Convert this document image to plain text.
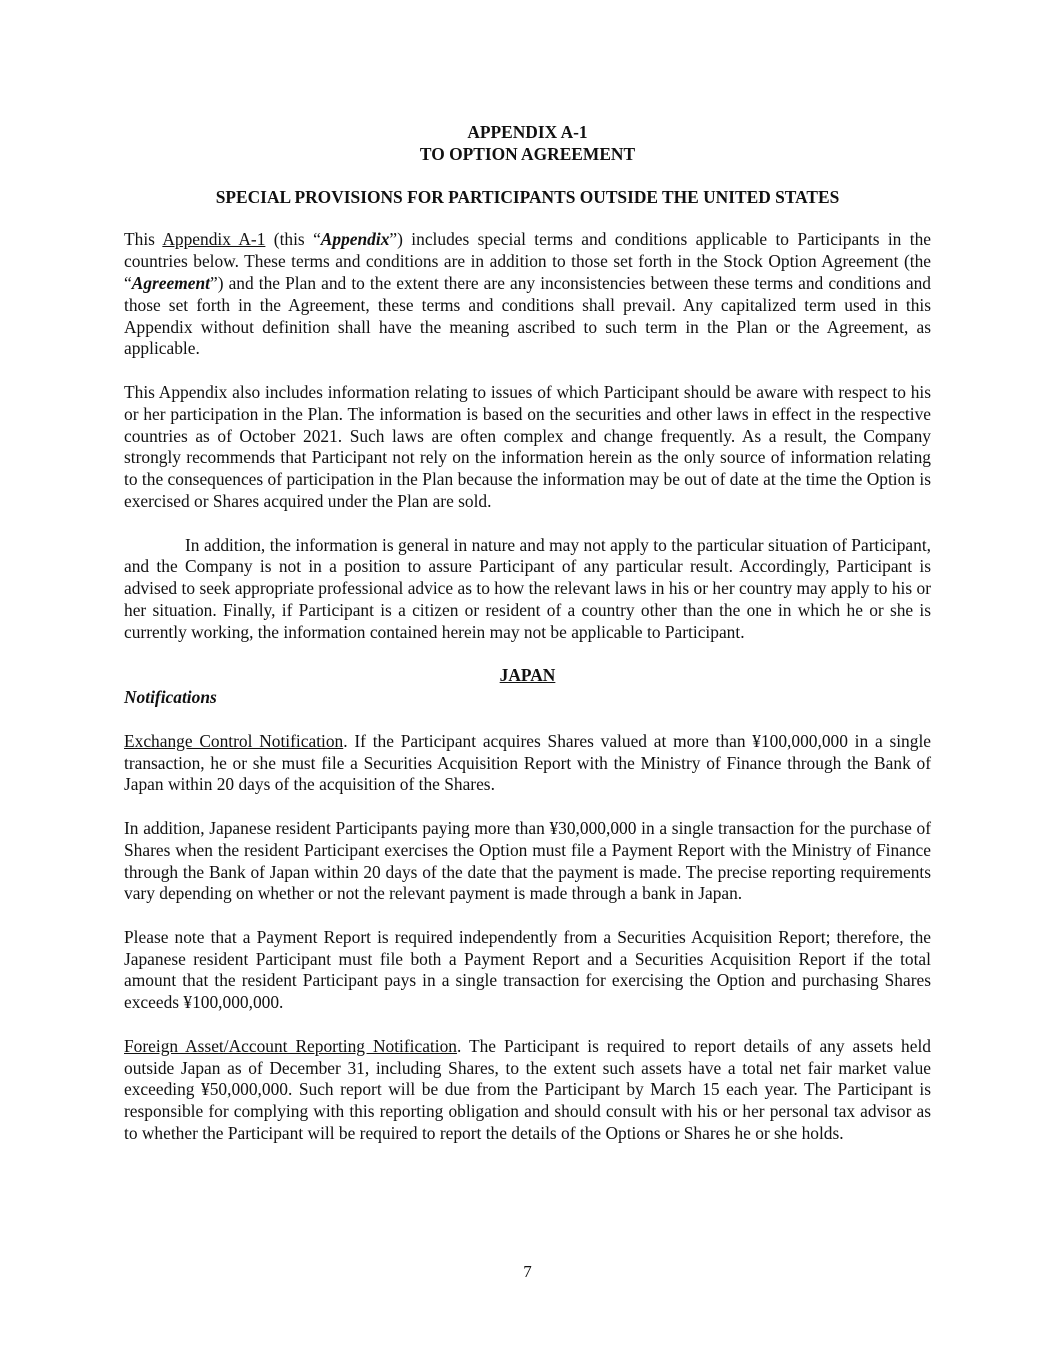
APPENDIX A-1
TO OPTION AGREEMENT
SPECIAL PROVISIONS FOR PARTICIPANTS OUTSIDE THE UNITED STATES

This Appendix A-1 (this “Appendix”) includes special terms and conditions applicable to Participants in the countries below. These terms and conditions are in addition to those set forth in the Stock Option Agreement (the “Agreement”) and the Plan and to the extent there are any inconsistencies between these terms and conditions and those set forth in the Agreement, these terms and conditions shall prevail. Any capitalized term used in this Appendix without definition shall have the meaning ascribed to such term in the Plan or the Agreement, as applicable.

This Appendix also includes information relating to issues of which Participant should be aware with respect to his or her participation in the Plan. The information is based on the securities and other laws in effect in the respective countries as of October 2021. Such laws are often complex and change frequently. As a result, the Company strongly recommends that Participant not rely on the information herein as the only source of information relating to the consequences of participation in the Plan because the information may be out of date at the time the Option is exercised or Shares acquired under the Plan are sold.

In addition, the information is general in nature and may not apply to the particular situation of Participant, and the Company is not in a position to assure Participant of any particular result. Accordingly, Participant is advised to seek appropriate professional advice as to how the relevant laws in his or her country may apply to his or her situation. Finally, if Participant is a citizen or resident of a country other than the one in which he or she is currently working, the information contained herein may not be applicable to Participant.

JAPAN

Notifications

Exchange Control Notification. If the Participant acquires Shares valued at more than ¥100,000,000 in a single transaction, he or she must file a Securities Acquisition Report with the Ministry of Finance through the Bank of Japan within 20 days of the acquisition of the Shares.

In addition, Japanese resident Participants paying more than ¥30,000,000 in a single transaction for the purchase of Shares when the resident Participant exercises the Option must file a Payment Report with the Ministry of Finance through the Bank of Japan within 20 days of the date that the payment is made. The precise reporting requirements vary depending on whether or not the relevant payment is made through a bank in Japan.

Please note that a Payment Report is required independently from a Securities Acquisition Report; therefore, the Japanese resident Participant must file both a Payment Report and a Securities Acquisition Report if the total amount that the resident Participant pays in a single transaction for exercising the Option and purchasing Shares exceeds ¥100,000,000.

Foreign Asset/Account Reporting Notification. The Participant is required to report details of any assets held outside Japan as of December 31, including Shares, to the extent such assets have a total net fair market value exceeding ¥50,000,000. Such report will be due from the Participant by March 15 each year. The Participant is responsible for complying with this reporting obligation and should consult with his or her personal tax advisor as to whether the Participant will be required to report the details of the Options or Shares he or she holds.

7
